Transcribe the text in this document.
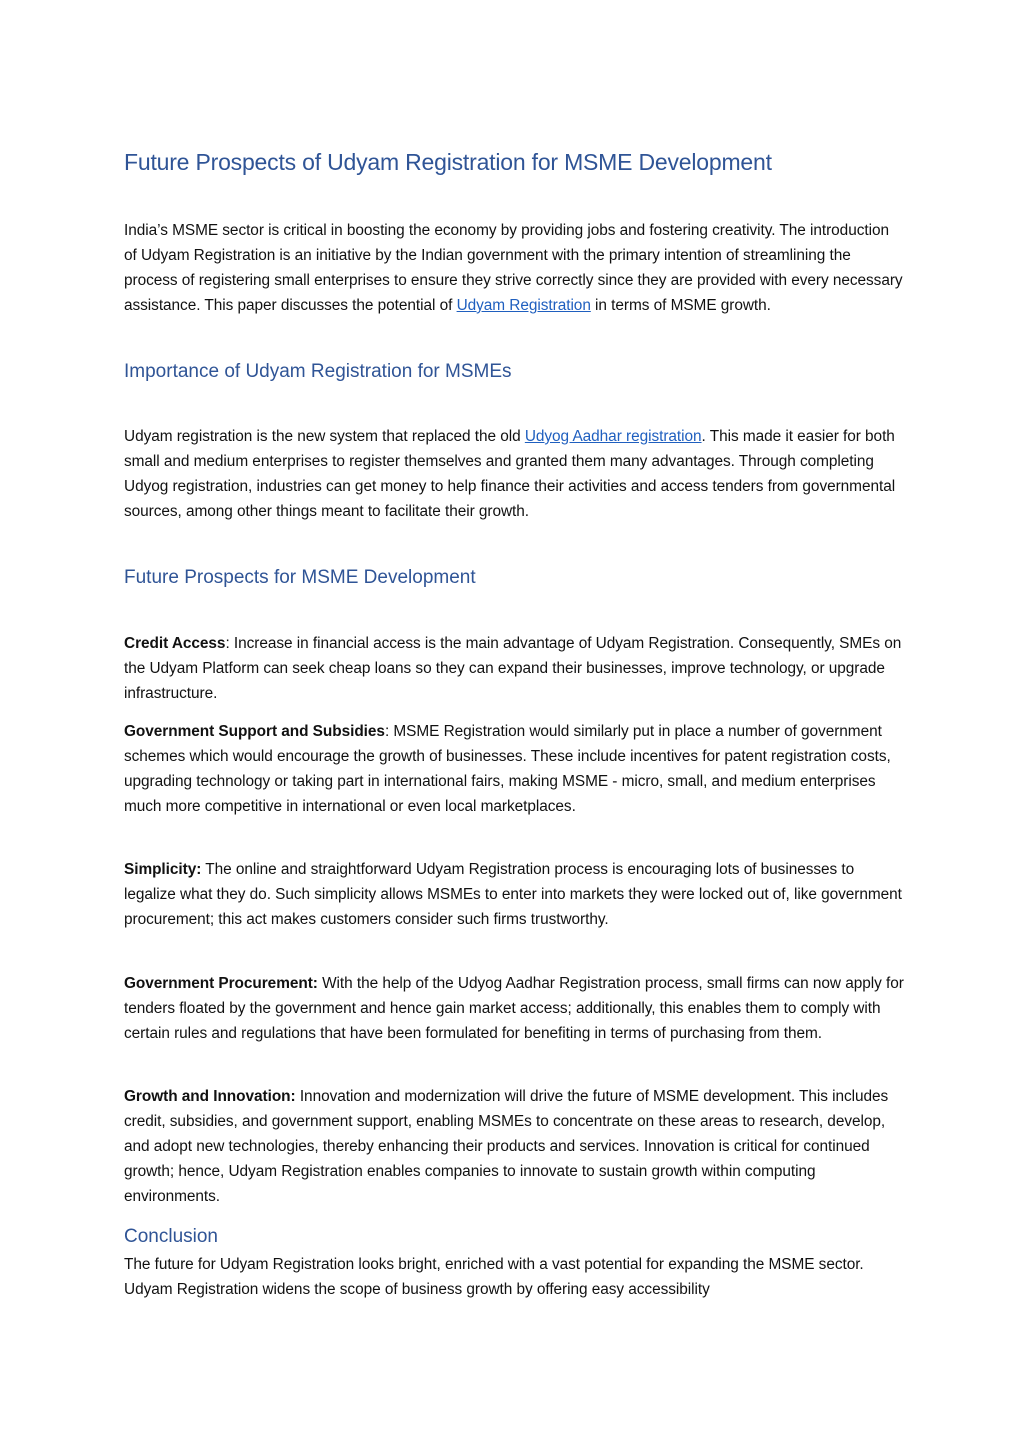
Future Prospects of Udyam Registration for MSME Development

India’s MSME sector is critical in boosting the economy by providing jobs and fostering creativity. The introduction of Udyam Registration is an initiative by the Indian government with the primary intention of streamlining the process of registering small enterprises to ensure they strive correctly since they are provided with every necessary assistance. This paper discusses the potential of Udyam Registration in terms of MSME growth.

Importance of Udyam Registration for MSMEs

Udyam registration is the new system that replaced the old Udyog Aadhar registration. This made it easier for both small and medium enterprises to register themselves and granted them many advantages. Through completing Udyog registration, industries can get money to help finance their activities and access tenders from governmental sources, among other things meant to facilitate their growth.

Future Prospects for MSME Development

Credit Access: Increase in financial access is the main advantage of Udyam Registration. Consequently, SMEs on the Udyam Platform can seek cheap loans so they can expand their businesses, improve technology, or upgrade infrastructure.

Government Support and Subsidies: MSME Registration would similarly put in place a number of government schemes which would encourage the growth of businesses. These include incentives for patent registration costs, upgrading technology or taking part in international fairs, making MSME - micro, small, and medium enterprises much more competitive in international or even local marketplaces.

Simplicity: The online and straightforward Udyam Registration process is encouraging lots of businesses to legalize what they do. Such simplicity allows MSMEs to enter into markets they were locked out of, like government procurement; this act makes customers consider such firms trustworthy.

Government Procurement: With the help of the Udyog Aadhar Registration process, small firms can now apply for tenders floated by the government and hence gain market access; additionally, this enables them to comply with certain rules and regulations that have been formulated for benefiting in terms of purchasing from them.

Growth and Innovation: Innovation and modernization will drive the future of MSME development. This includes credit, subsidies, and government support, enabling MSMEs to concentrate on these areas to research, develop, and adopt new technologies, thereby enhancing their products and services. Innovation is critical for continued growth; hence, Udyam Registration enables companies to innovate to sustain growth within computing environments.

Conclusion

The future for Udyam Registration looks bright, enriched with a vast potential for expanding the MSME sector. Udyam Registration widens the scope of business growth by offering easy accessibility
